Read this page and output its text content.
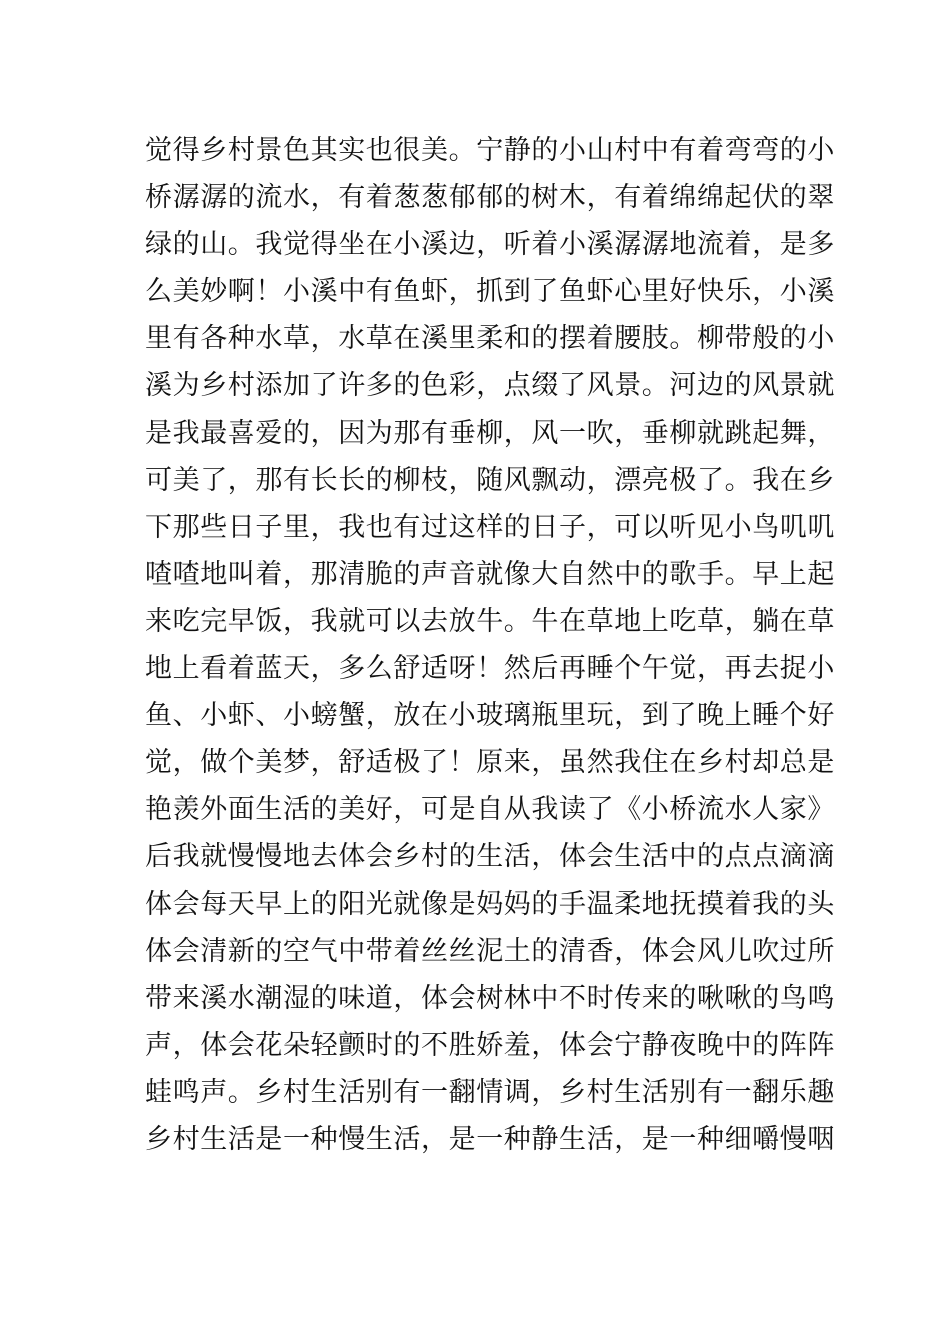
觉得乡村景色其实也很美。宁静的小山村中有着弯弯的小
桥潺潺的流水，有着葱葱郁郁的树木，有着绵绵起伏的翠
绿的山。我觉得坐在小溪边，听着小溪潺潺地流着，是多
么美妙啊！小溪中有鱼虾，抓到了鱼虾心里好快乐，小溪
里有各种水草，水草在溪里柔和的摆着腰肢。柳带般的小
溪为乡村添加了许多的色彩，点缀了风景。河边的风景就
是我最喜爱的，因为那有垂柳，风一吹，垂柳就跳起舞，
可美了，那有长长的柳枝，随风飘动，漂亮极了。我在乡
下那些日子里，我也有过这样的日子，可以听见小鸟叽叽
喳喳地叫着，那清脆的声音就像大自然中的歌手。早上起
来吃完早饭，我就可以去放牛。牛在草地上吃草，躺在草
地上看着蓝天，多么舒适呀！然后再睡个午觉，再去捉小
鱼、小虾、小螃蟹，放在小玻璃瓶里玩，到了晚上睡个好
觉，做个美梦，舒适极了！原来，虽然我住在乡村却总是
艳羡外面生活的美好，可是自从我读了《小桥流水人家》
后我就慢慢地去体会乡村的生活，体会生活中的点点滴滴
体会每天早上的阳光就像是妈妈的手温柔地抚摸着我的头
体会清新的空气中带着丝丝泥土的清香，体会风儿吹过所
带来溪水潮湿的味道，体会树林中不时传来的啾啾的鸟鸣
声，体会花朵轻颤时的不胜娇羞，体会宁静夜晚中的阵阵
蛙鸣声。乡村生活别有一翻情调，乡村生活别有一翻乐趣
乡村生活是一种慢生活，是一种静生活，是一种细嚼慢咽
